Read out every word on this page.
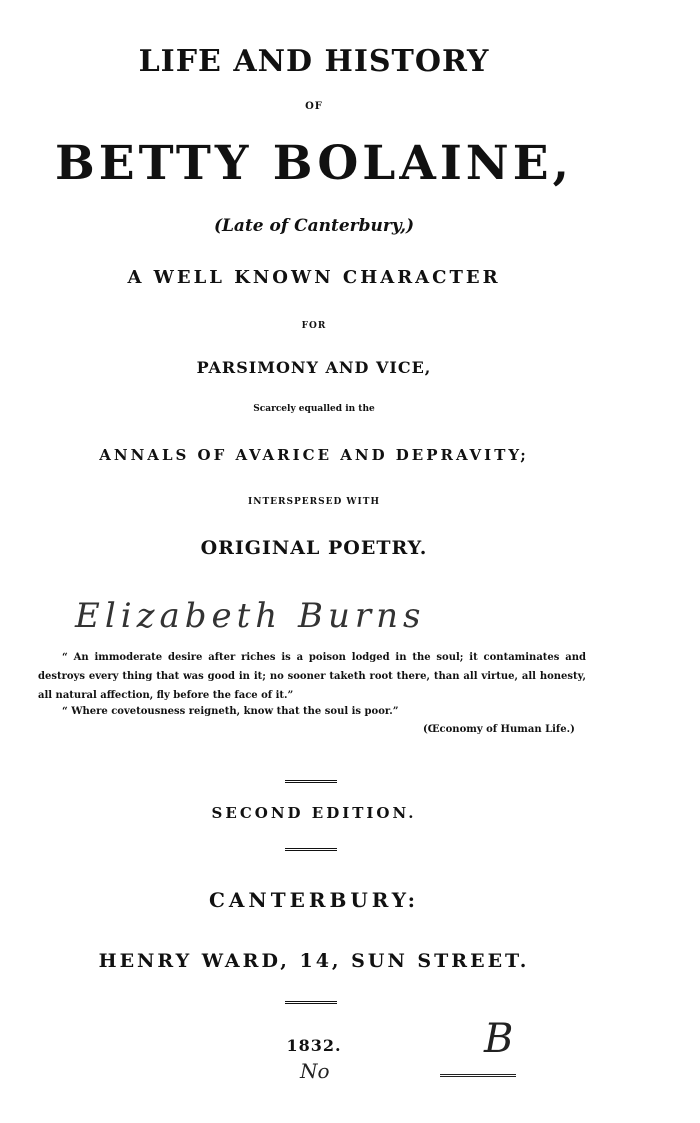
LIFE AND HISTORY
OF
BETTY BOLAINE,
(Late of Canterbury,)
A WELL KNOWN CHARACTER
FOR
PARSIMONY AND VICE,
Scarcely equalled in the
ANNALS OF AVARICE AND DEPRAVITY;
INTERSPERSED WITH
ORIGINAL POETRY.
Elizabeth Burns
“ An immoderate desire after riches is a poison lodged in the soul; it contaminates and destroys every thing that was good in it; no sooner taketh root there, than all virtue, all honesty, all natural affection, fly before the face of it.”
“ Where covetousness reigneth, know that the soul is poor.”
(Œconomy of Human Life.)
SECOND EDITION.
CANTERBURY:
HENRY WARD, 14, SUN STREET.
1832.	B
No
